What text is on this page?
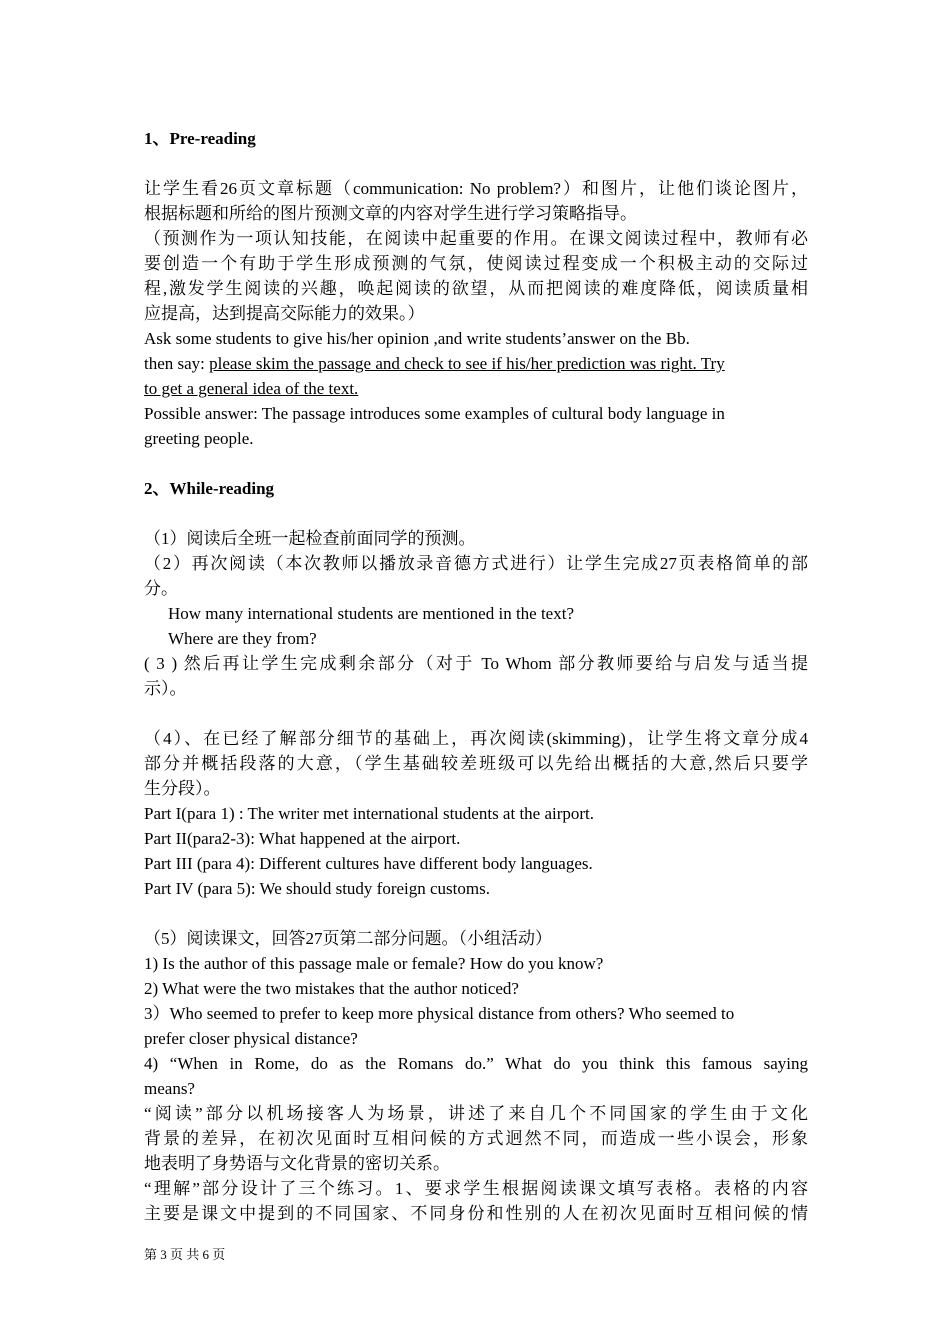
1、Pre-reading
让学生看26页文章标题（communication: No problem?）和图片，让他们谈论图片，
根据标题和所给的图片预测文章的内容对学生进行学习策略指导。
（预测作为一项认知技能，在阅读中起重要的作用。在课文阅读过程中，教师有必
要创造一个有助于学生形成预测的气氛，使阅读过程变成一个积极主动的交际过
程,激发学生阅读的兴趣，唤起阅读的欲望，从而把阅读的难度降低，阅读质量相
应提高，达到提高交际能力的效果。）
Ask some students to give his/her opinion ,and write students’answer on the Bb.
then say: please skim the passage and check to see if his/her prediction was right. Try
to get a general idea of the text.
Possible answer: The passage introduces some examples of cultural body language in
greeting people.
2、While-reading
（1）阅读后全班一起检查前面同学的预测。
（2）再次阅读（本次教师以播放录音德方式进行）让学生完成27页表格简单的部
分。
How many international students are mentioned in the text?
Where are they from?
( 3 ) 然后再让学生完成剩余部分（对于 To Whom 部分教师要给与启发与适当提
示）。
（4）、在已经了解部分细节的基础上，再次阅读(skimming)，让学生将文章分成4
部分并概括段落的大意，（学生基础较差班级可以先给出概括的大意,然后只要学
生分段）。
Part I(para 1) : The writer met international students at the airport.
Part II(para2-3): What happened at the airport.
Part III (para 4): Different cultures have different body languages.
Part IV (para 5): We should study foreign customs.
（5）阅读课文，回答27页第二部分问题。（小组活动）
1) Is the author of this passage male or female? How do you know?
2) What were the two mistakes that the author noticed?
3）Who seemed to prefer to keep more physical distance from others? Who seemed to
prefer closer physical distance?
4) “When in Rome, do as the Romans do.” What do you think this famous saying
means?
“阅读”部分以机场接客人为场景，讲述了来自几个不同国家的学生由于文化
背景的差异，在初次见面时互相问候的方式迥然不同，而造成一些小误会，形象
地表明了身势语与文化背景的密切关系。
“理解”部分设计了三个练习。1、要求学生根据阅读课文填写表格。表格的内容
主要是课文中提到的不同国家、不同身份和性别的人在初次见面时互相问候的情
第 3 页 共 6 页
